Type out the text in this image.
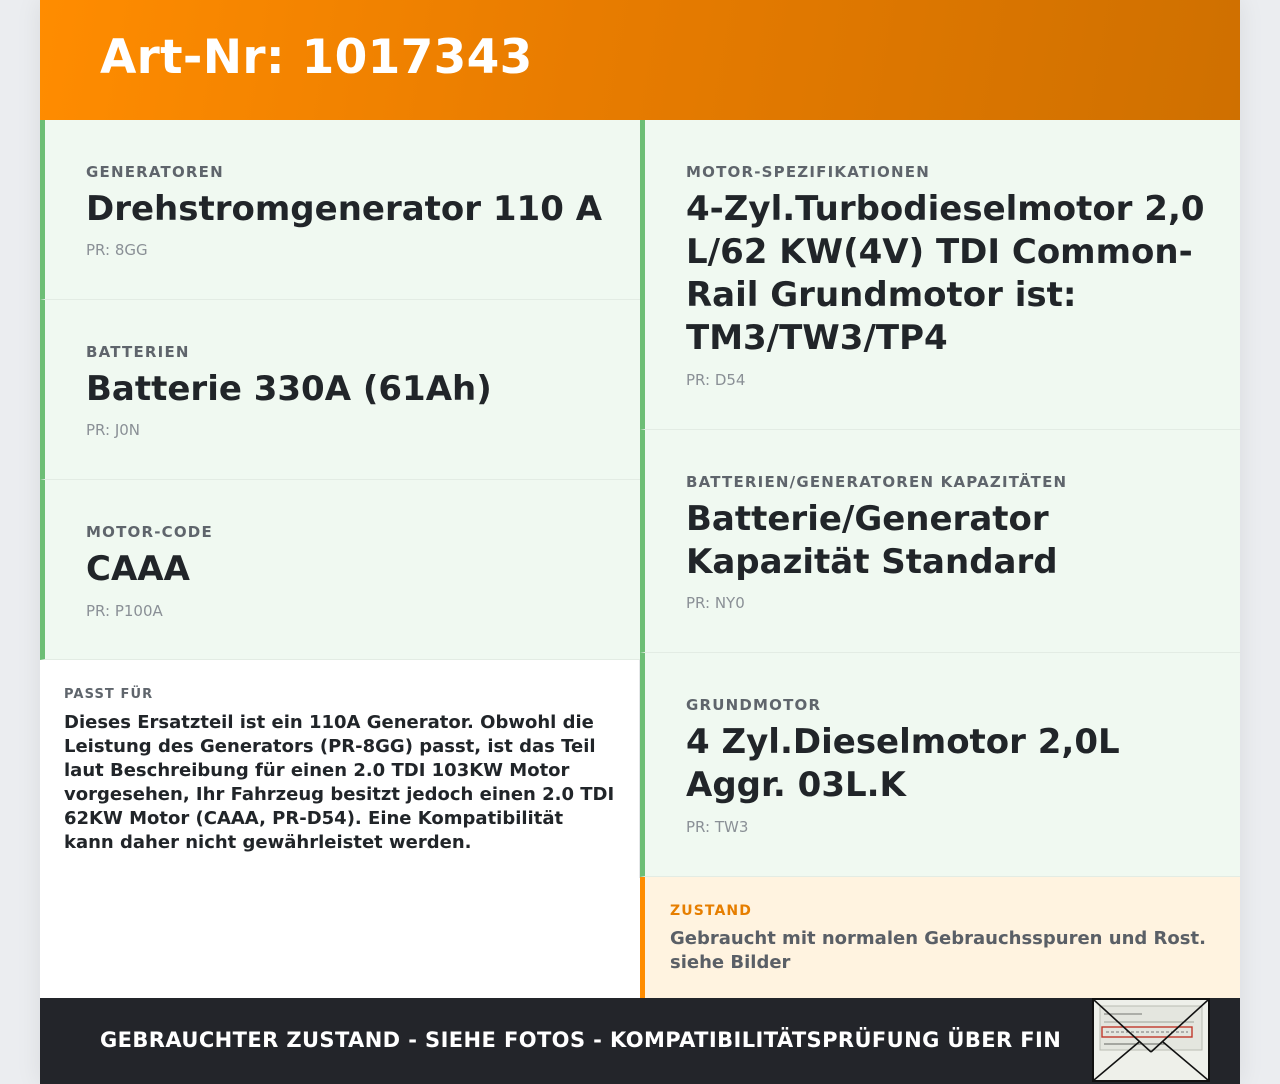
Art-Nr: 1017343
GENERATOREN
Drehstromgenerator 110 A
PR: 8GG
BATTERIEN
Batterie 330A (61Ah)
PR: J0N
MOTOR-CODE
CAAA
PR: P100A
PASST FÜR
Dieses Ersatzteil ist ein 110A Generator. Obwohl die Leistung des Generators (PR-8GG) passt, ist das Teil laut Beschreibung für einen 2.0 TDI 103KW Motor vorgesehen, Ihr Fahrzeug besitzt jedoch einen 2.0 TDI 62KW Motor (CAAA, PR-D54). Eine Kompatibilität kann daher nicht gewährleistet werden.
MOTOR-SPEZIFIKATIONEN
4-Zyl.Turbodieselmotor 2,0 L/62 KW(4V) TDI Common-Rail Grundmotor ist: TM3/TW3/TP4
PR: D54
BATTERIEN/GENERATOREN KAPAZITÄTEN
Batterie/Generator Kapazität Standard
PR: NY0
GRUNDMOTOR
4 Zyl.Dieselmotor 2,0L Aggr. 03L.K
PR: TW3
ZUSTAND
Gebraucht mit normalen Gebrauchsspuren und Rost. siehe Bilder
GEBRAUCHTER ZUSTAND - SIEHE FOTOS - KOMPATIBILITÄTSPRÜFUNG ÜBER FIN
